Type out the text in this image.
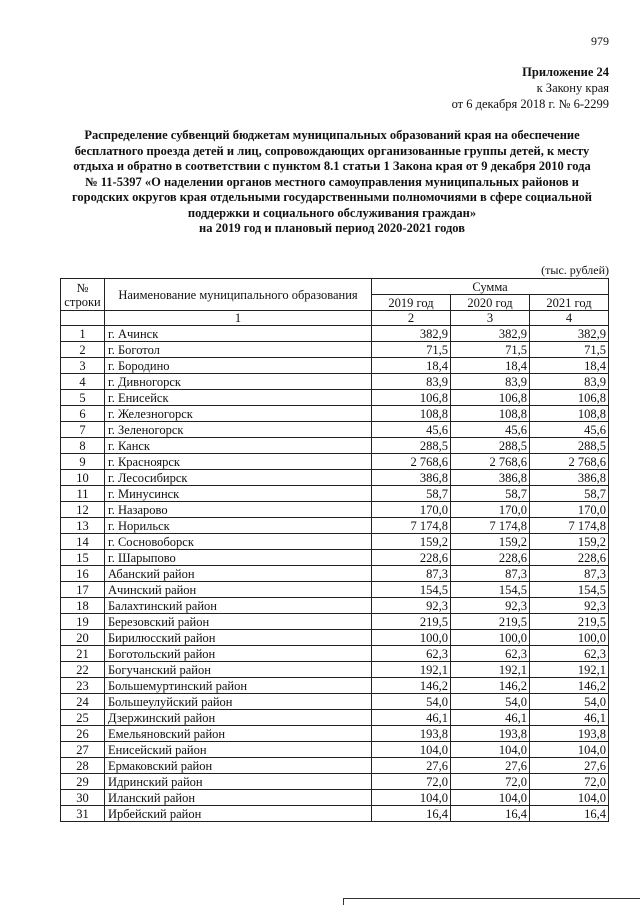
979
Приложение 24
к Закону края
от 6 декабря 2018 г. № 6-2299
Распределение субвенций бюджетам муниципальных образований края на обеспечение
бесплатного проезда детей и лиц, сопровождающих организованные группы детей, к месту
отдыха и обратно в соответствии с пунктом 8.1 статьи 1 Закона края от 9 декабря 2010 года
№ 11-5397 «О наделении органов местного самоуправления муниципальных районов и
городских округов края отдельными государственными полномочиями в сфере социальной
поддержки и социального обслуживания граждан»
на 2019 год и плановый период 2020-2021 годов
(тыс. рублей)
№ строки	Наименование муниципального образования	Сумма		
		2019 год	2020 год	2021 год
	1	2	3	4
1	г. Ачинск	382,9	382,9	382,9
2	г. Боготол	71,5	71,5	71,5
3	г. Бородино	18,4	18,4	18,4
4	г. Дивногорск	83,9	83,9	83,9
5	г. Енисейск	106,8	106,8	106,8
6	г. Железногорск	108,8	108,8	108,8
7	г. Зеленогорск	45,6	45,6	45,6
8	г. Канск	288,5	288,5	288,5
9	г. Красноярск	2 768,6	2 768,6	2 768,6
10	г. Лесосибирск	386,8	386,8	386,8
11	г. Минусинск	58,7	58,7	58,7
12	г. Назарово	170,0	170,0	170,0
13	г. Норильск	7 174,8	7 174,8	7 174,8
14	г. Сосновоборск	159,2	159,2	159,2
15	г. Шарыпово	228,6	228,6	228,6
16	Абанский район	87,3	87,3	87,3
17	Ачинский район	154,5	154,5	154,5
18	Балахтинский район	92,3	92,3	92,3
19	Березовский район	219,5	219,5	219,5
20	Бирилюсский район	100,0	100,0	100,0
21	Боготольский район	62,3	62,3	62,3
22	Богучанский район	192,1	192,1	192,1
23	Большемуртинский район	146,2	146,2	146,2
24	Большеулуйский район	54,0	54,0	54,0
25	Дзержинский район	46,1	46,1	46,1
26	Емельяновский район	193,8	193,8	193,8
27	Енисейский район	104,0	104,0	104,0
28	Ермаковский район	27,6	27,6	27,6
29	Идринский район	72,0	72,0	72,0
30	Иланский район	104,0	104,0	104,0
31	Ирбейский район	16,4	16,4	16,4
